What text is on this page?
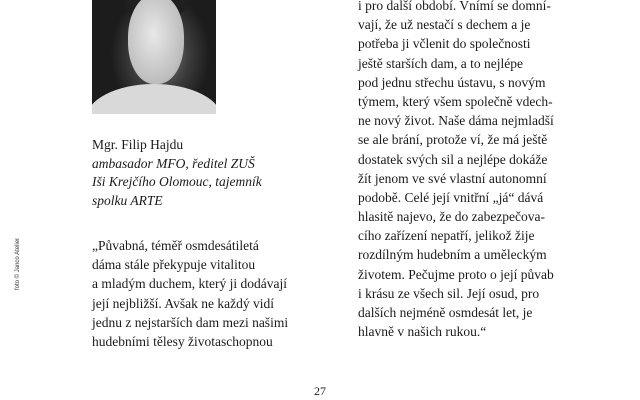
foto © Janco Atelier
Mgr. Filip Hajdu
ambasador MFO, ředitel ZUŠ
Iši Krejčího Olomouc, tajemník
spolku ARTE
„Půvabná, téměř osmdesátiletá
dáma stále překypuje vitalitou
a mladým duchem, který ji dodávají
její nejbližší. Avšak ne každý vidí
jednu z nejstarších dam mezi našimi
hudebními tělesy životaschopnou
i pro další období. Vnímí se domní-
vají, že už nestačí s dechem a je
potřeba ji včlenit do společnosti
ještě starších dam, a to nejlépe
pod jednu střechu ústavu, s novým
týmem, který všem společně vdech-
ne nový život. Naše dáma nejmladší
se ale brání, protože ví, že má ještě
dostatek svých sil a nejlépe dokáže
žít jenom ve své vlastní autonomní
podobě. Celé její vnitřní „já“ dává
hlasitě najevo, že do zabezpečova-
cího zařízení nepatří, jelikož žije
rozdílným hudebním a uměleckým
životem. Pečujme proto o její půvab
i krásu ze všech sil. Její osud, pro
dalších nejméně osmdesát let, je
hlavně v našich rukou.“
27
